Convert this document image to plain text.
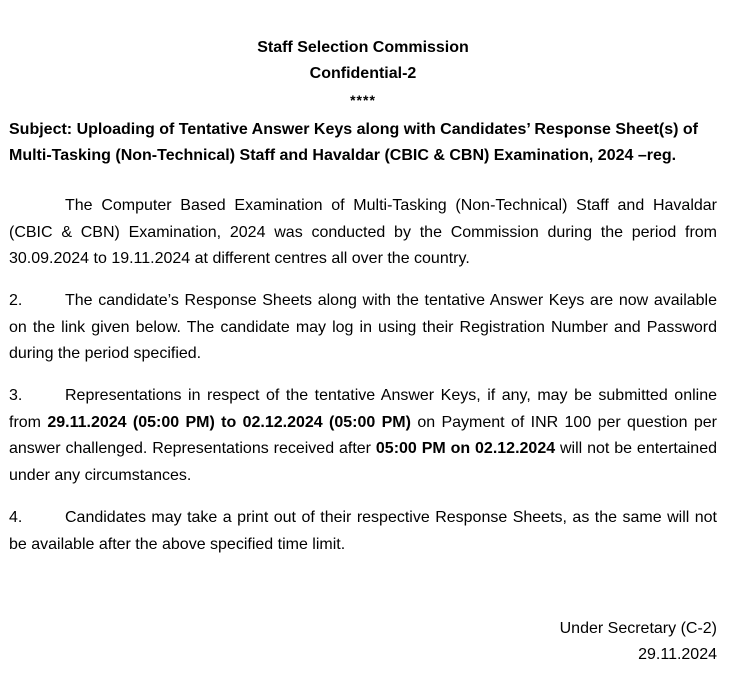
Staff Selection Commission
Confidential-2
****
Subject: Uploading of Tentative Answer Keys along with Candidates’ Response Sheet(s) of Multi-Tasking (Non-Technical) Staff and Havaldar (CBIC & CBN) Examination, 2024 –reg.
The Computer Based Examination of Multi-Tasking (Non-Technical) Staff and Havaldar (CBIC & CBN) Examination, 2024 was conducted by the Commission during the period from 30.09.2024 to 19.11.2024 at different centres all over the country.
2.	The candidate’s Response Sheets along with the tentative Answer Keys are now available on the link given below. The candidate may log in using their Registration Number and Password during the period specified.
3.	Representations in respect of the tentative Answer Keys, if any, may be submitted online from 29.11.2024 (05:00 PM) to 02.12.2024 (05:00 PM) on Payment of INR 100 per question per answer challenged. Representations received after 05:00 PM on 02.12.2024 will not be entertained under any circumstances.
4.	Candidates may take a print out of their respective Response Sheets, as the same will not be available after the above specified time limit.
Under Secretary (C-2)
29.11.2024
